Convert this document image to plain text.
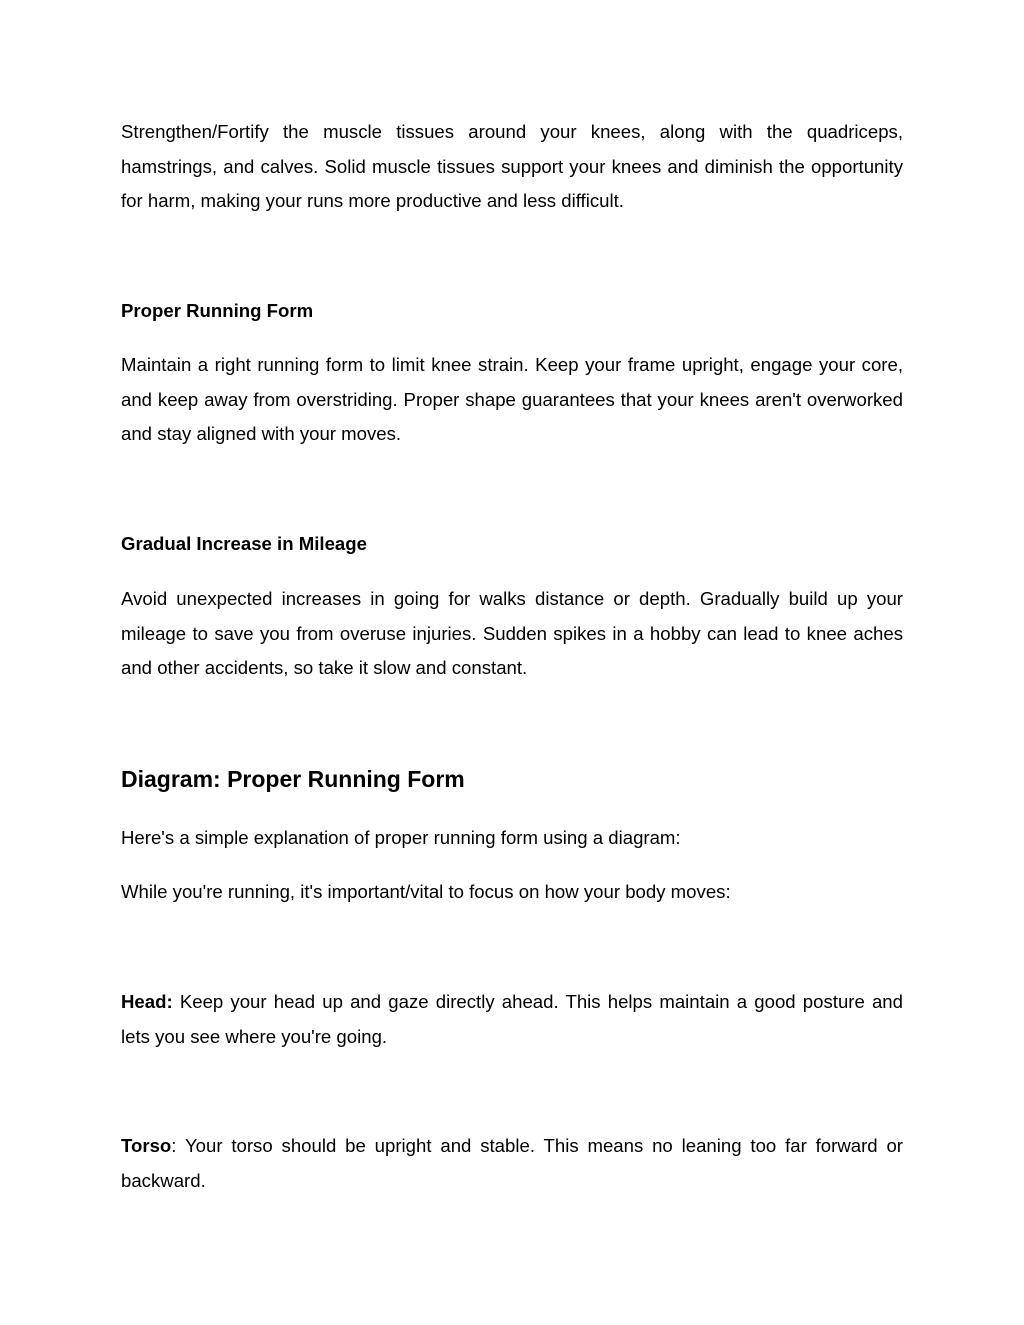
Strengthen/Fortify the muscle tissues around your knees, along with the quadriceps, hamstrings, and calves. Solid muscle tissues support your knees and diminish the opportunity for harm, making your runs more productive and less difficult.

Proper Running Form

Maintain a right running form to limit knee strain. Keep your frame upright, engage your core, and keep away from overstriding. Proper shape guarantees that your knees aren't overworked and stay aligned with your moves.

Gradual Increase in Mileage

Avoid unexpected increases in going for walks distance or depth. Gradually build up your mileage to save you from overuse injuries. Sudden spikes in a hobby can lead to knee aches and other accidents, so take it slow and constant.

Diagram: Proper Running Form

Here's a simple explanation of proper running form using a diagram:

While you're running, it's important/vital to focus on how your body moves:

Head: Keep your head up and gaze directly ahead. This helps maintain a good posture and lets you see where you're going.

Torso: Your torso should be upright and stable. This means no leaning too far forward or backward.
